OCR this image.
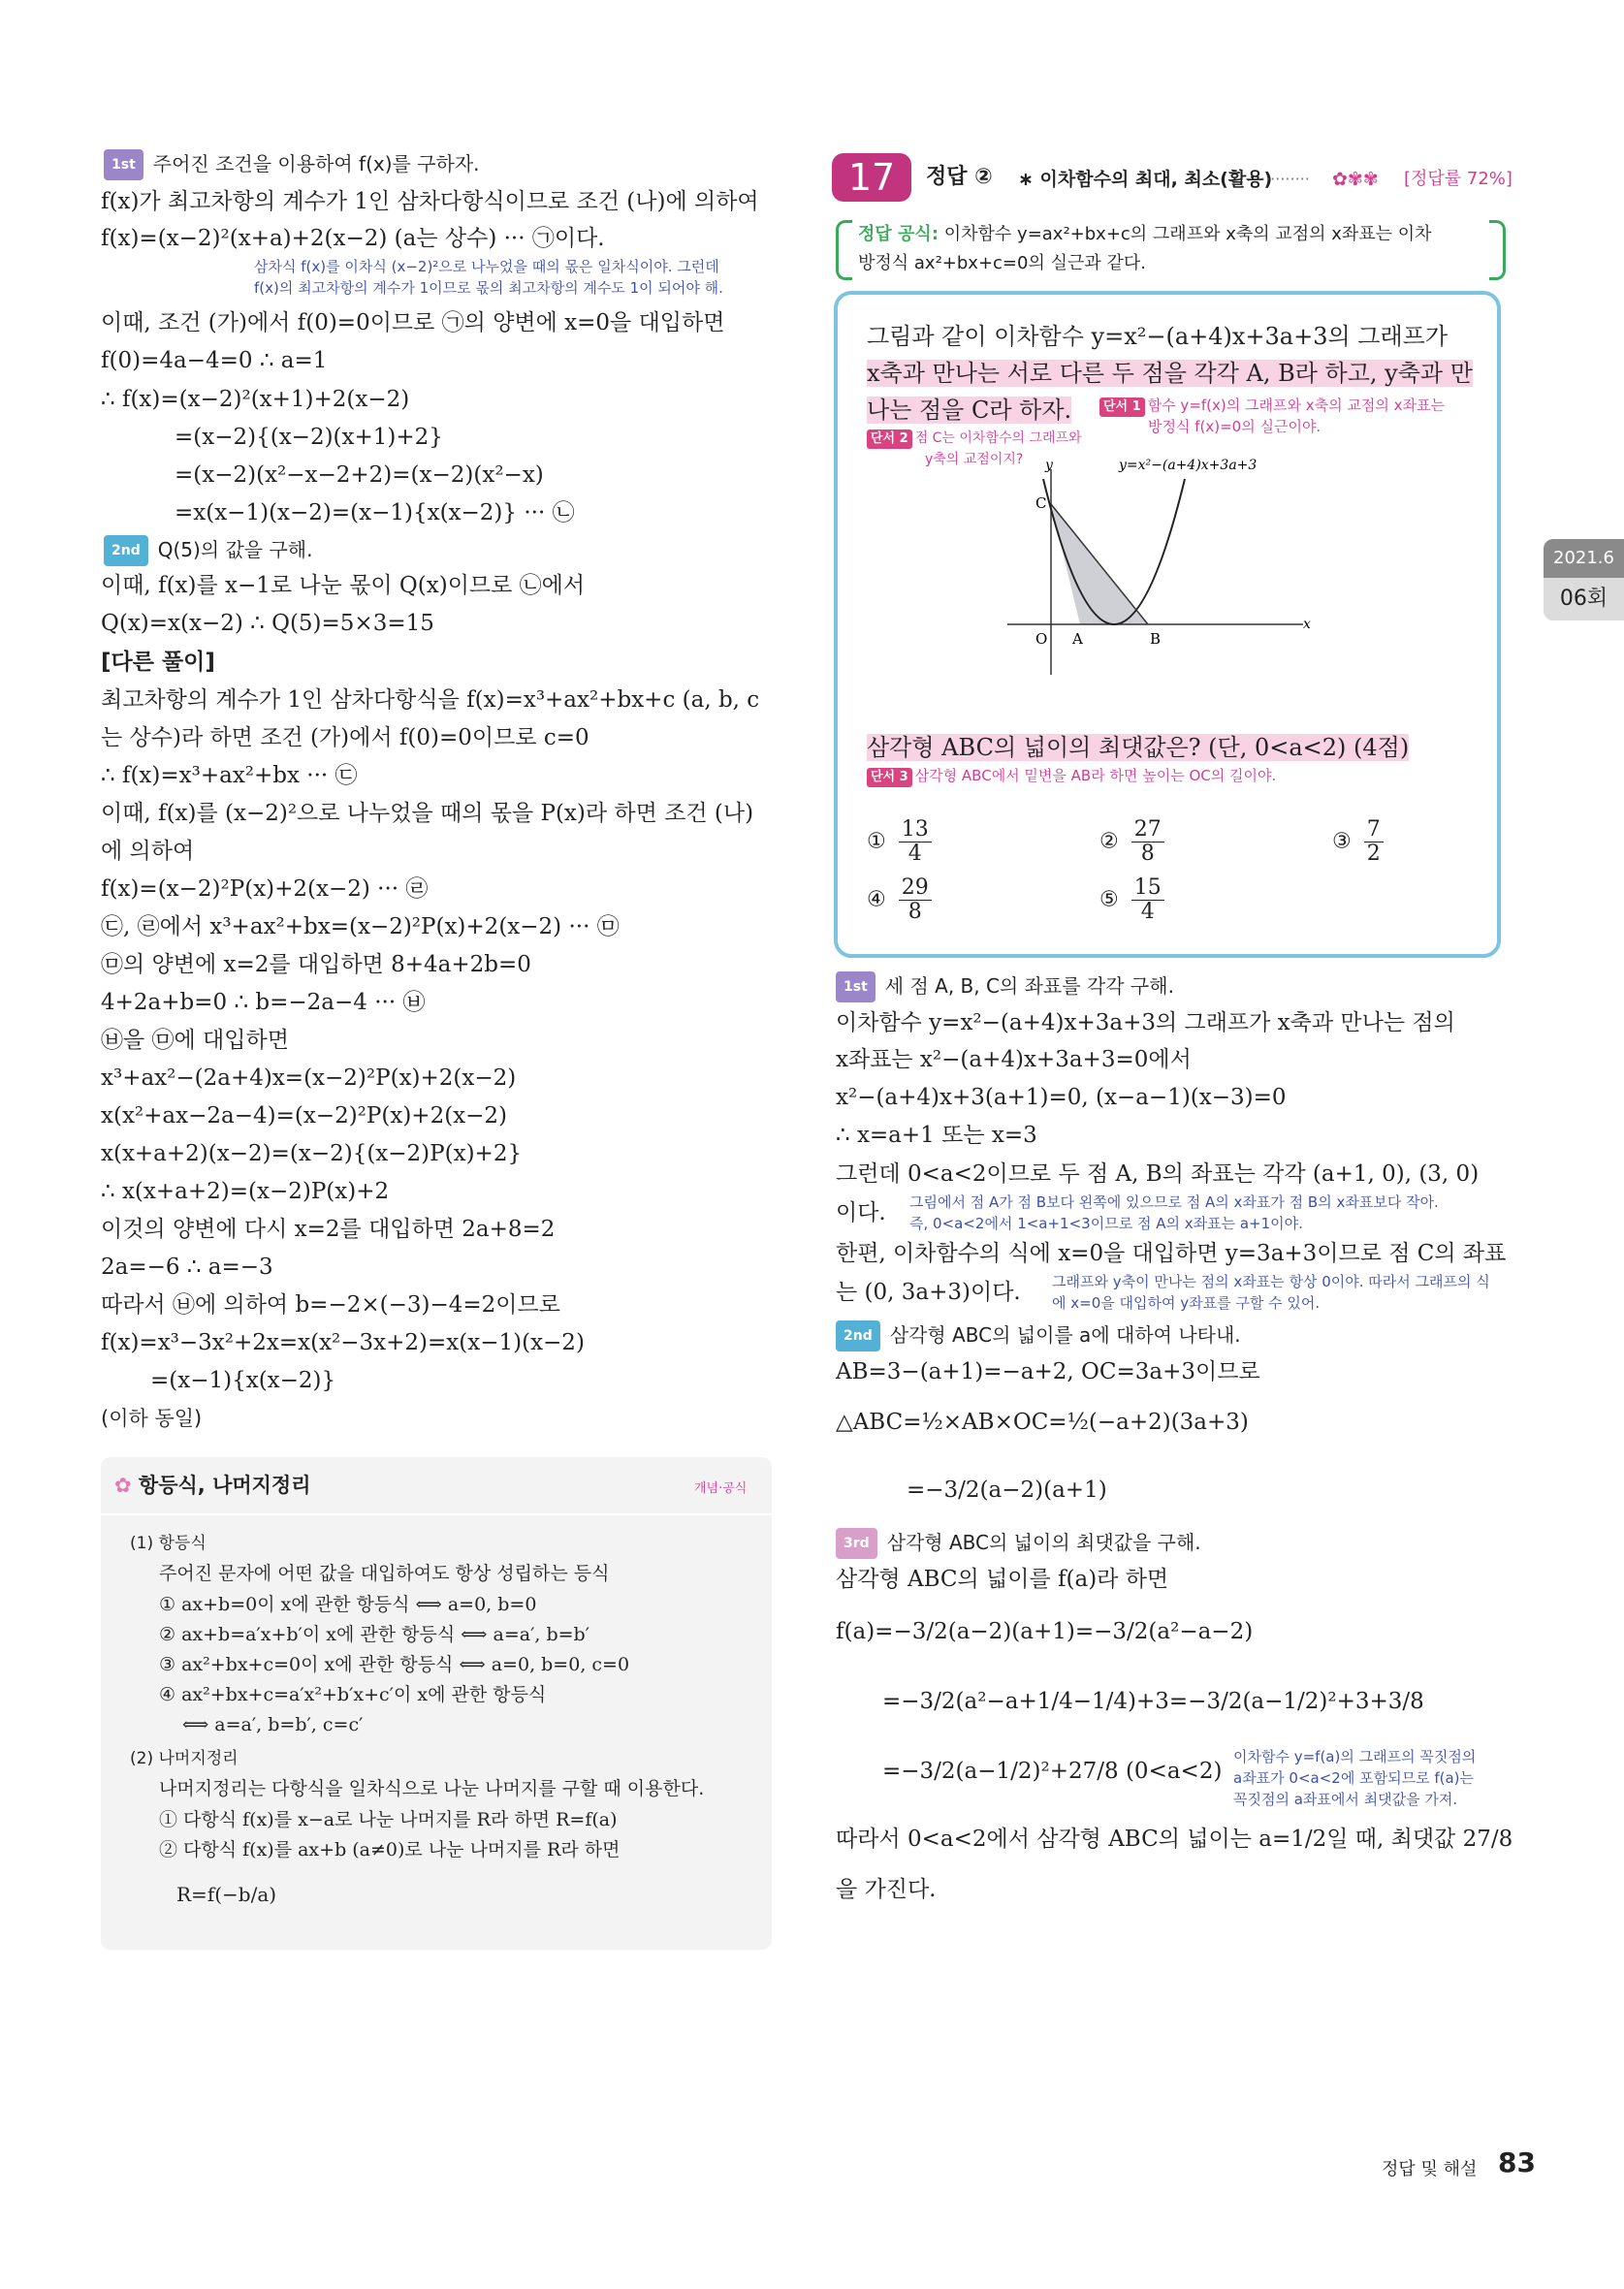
1st 주어진 조건을 이용하여 f(x)를 구하자.
f(x)가 최고차항의 계수가 1인 삼차다항식이므로 조건 (나)에 의하여
f(x)=(x−2)²(x+a)+2(x−2) (a는 상수) ··· ㉠이다.
삼차식 f(x)를 이차식 (x−2)²으로 나누었을 때의 몫은 일차식이야. 그런데
f(x)의 최고차항의 계수가 1이므로 몫의 최고차항의 계수도 1이 되어야 해.
이때, 조건 (가)에서 f(0)=0이므로 ㉠의 양변에 x=0을 대입하면
f(0)=4a−4=0 ∴ a=1
∴ f(x)=(x−2)²(x+1)+2(x−2)
=(x−2){(x−2)(x+1)+2}
=(x−2)(x²−x−2+2)=(x−2)(x²−x)
=x(x−1)(x−2)=(x−1){x(x−2)} ··· ㉡
2nd Q(5)의 값을 구해.
이때, f(x)를 x−1로 나눈 몫이 Q(x)이므로 ㉡에서
Q(x)=x(x−2) ∴ Q(5)=5×3=15
[다른 풀이]
최고차항의 계수가 1인 삼차다항식을 f(x)=x³+ax²+bx+c (a, b, c
는 상수)라 하면 조건 (가)에서 f(0)=0이므로 c=0
∴ f(x)=x³+ax²+bx ··· ㉢
이때, f(x)를 (x−2)²으로 나누었을 때의 몫을 P(x)라 하면 조건 (나)
에 의하여
f(x)=(x−2)²P(x)+2(x−2) ··· ㉣
㉢, ㉣에서 x³+ax²+bx=(x−2)²P(x)+2(x−2) ··· ㉤
㉤의 양변에 x=2를 대입하면 8+4a+2b=0
4+2a+b=0 ∴ b=−2a−4 ··· ㉥
㉥을 ㉤에 대입하면
x³+ax²−(2a+4)x=(x−2)²P(x)+2(x−2)
x(x²+ax−2a−4)=(x−2)²P(x)+2(x−2)
x(x+a+2)(x−2)=(x−2){(x−2)P(x)+2}
∴ x(x+a+2)=(x−2)P(x)+2
이것의 양변에 다시 x=2를 대입하면 2a+8=2
2a=−6 ∴ a=−3
따라서 ㉥에 의하여 b=−2×(−3)−4=2이므로
f(x)=x³−3x²+2x=x(x²−3x+2)=x(x−1)(x−2)
=(x−1){x(x−2)}
(이하 동일)
✿ 항등식, 나머지정리	개념·공식
(1) 항등식
주어진 문자에 어떤 값을 대입하여도 항상 성립하는 등식
① ax+b=0이 x에 관한 항등식 ⟺ a=0, b=0
② ax+b=a′x+b′이 x에 관한 항등식 ⟺ a=a′, b=b′
③ ax²+bx+c=0이 x에 관한 항등식 ⟺ a=0, b=0, c=0
④ ax²+bx+c=a′x²+b′x+c′이 x에 관한 항등식
⟺ a=a′, b=b′, c=c′
(2) 나머지정리
나머지정리는 다항식을 일차식으로 나눈 나머지를 구할 때 이용한다.
① 다항식 f(x)를 x−a로 나눈 나머지를 R라 하면 R=f(a)
② 다항식 f(x)를 ax+b (a≠0)로 나눈 나머지를 R라 하면
R=f(−b/a)
17	정답 ② ∗ 이차함수의 최대, 최소(활용)
·········· ✿✾✾ [정답률 72%]
정답 공식: 이차함수 y=ax²+bx+c의 그래프와 x축의 교점의 x좌표는 이차
방정식 ax²+bx+c=0의 실근과 같다.
그림과 같이 이차함수 y=x²−(a+4)x+3a+3의 그래프가
x축과 만나는 서로 다른 두 점을 각각 A, B라 하고, y축과 만
나는 점을 C라 하자.	단서 1 함수 y=f(x)의 그래프와 x축의 교점의 x좌표는
방정식 f(x)=0의 실근이야.
단서 2 점 C는 이차함수의 그래프와
y축의 교점이지? y
x
C
O A	B
y=x²−(a+4)x+3a+3
삼각형 ABC의 넓이의 최댓값은? (단, 0<a<2) (4점)
단서 3 삼각형 ABC에서 밑변을 AB라 하면 높이는 OC의 길이야.
① $\frac{13}{4}$	② $\frac{27}{8}$	③ $\frac{7}{2}$
④ $\frac{29}{8}$	⑤ $\frac{15}{4}$
1st 세 점 A, B, C의 좌표를 각각 구해.
이차함수 y=x²−(a+4)x+3a+3의 그래프가 x축과 만나는 점의
x좌표는 x²−(a+4)x+3a+3=0에서
x²−(a+4)x+3(a+1)=0, (x−a−1)(x−3)=0
∴ x=a+1 또는 x=3
그런데 0<a<2이므로 두 점 A, B의 좌표는 각각 (a+1, 0), (3, 0)
이다. 그림에서 점 A가 점 B보다 왼쪽에 있으므로 점 A의 x좌표가 점 B의 x좌표보다 작아.
즉, 0<a<2에서 1<a+1<3이므로 점 A의 x좌표는 a+1이야.
한편, 이차함수의 식에 x=0을 대입하면 y=3a+3이므로 점 C의 좌표
는 (0, 3a+3)이다. 그래프와 y축이 만나는 점의 x좌표는 항상 0이야. 따라서 그래프의 식
에 x=0을 대입하여 y좌표를 구할 수 있어.
2nd 삼각형 ABC의 넓이를 a에 대하여 나타내.
AB=3−(a+1)=−a+2, OC=3a+3이므로
△ABC=½×AB×OC=½(−a+2)(3a+3)
=−3/2(a−2)(a+1)
3rd 삼각형 ABC의 넓이의 최댓값을 구해.
삼각형 ABC의 넓이를 f(a)라 하면
f(a)=−3/2(a−2)(a+1)=−3/2(a²−a−2)
=−3/2(a²−a+1/4−1/4)+3=−3/2(a−1/2)²+3+3/8
=−3/2(a−1/2)²+27/8 (0<a<2)
이차함수 y=f(a)의 그래프의 꼭짓점의
a좌표가 0<a<2에 포함되므로 f(a)는
꼭짓점의 a좌표에서 최댓값을 가져.
따라서 0<a<2에서 삼각형 ABC의 넓이는 a=1/2일 때, 최댓값 27/8
을 가진다.
2021.6
06회
정답 및 해설 83
